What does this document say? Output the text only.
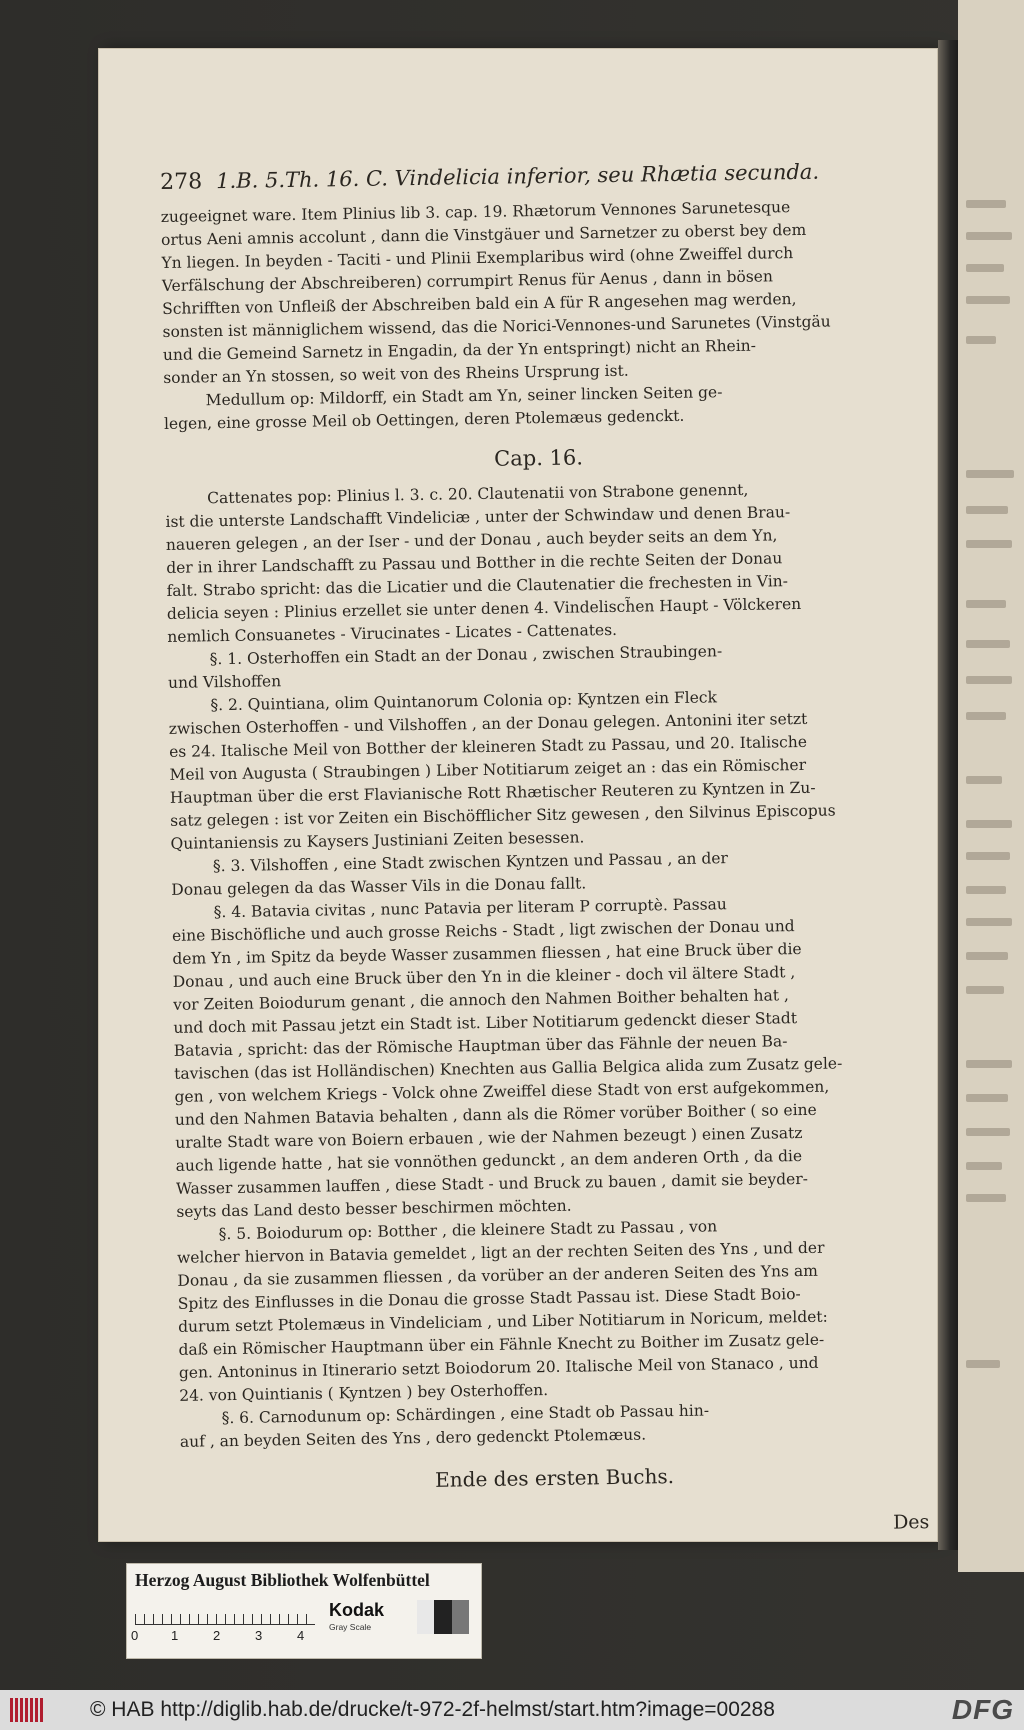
278 1.B. 5.Th. 16. C. Vindelicia inferior, seu Rhætia secunda.
zugeeignet ware. Item Plinius lib 3. cap. 19. Rhætorum Vennones Sarunetesque
ortus Aeni amnis accolunt , dann die Vinstgäuer und Sarnetzer zu oberst bey dem
Yn liegen. In beyden - Taciti - und Plinii Exemplaribus wird (ohne Zweiffel durch
Verfälschung der Abschreiberen) corrumpirt Renus für Aenus , dann in bösen
Schrifften von Unfleiß der Abschreiben bald ein A für R angesehen mag werden,
sonsten ist männiglichem wissend, das die Norici-Vennones-und Sarunetes (Vinstgäu
und die Gemeind Sarnetz in Engadin, da der Yn entspringt) nicht an Rhein-
sonder an Yn stossen, so weit von des Rheins Ursprung ist.
Medullum op: Mildorff, ein Stadt am Yn, seiner lincken Seiten ge-
legen, eine grosse Meil ob Oettingen, deren Ptolemæus gedenckt.
Cap. 16.
Cattenates pop: Plinius l. 3. c. 20. Clautenatii von Strabone genennt,
ist die unterste Landschafft Vindeliciæ , unter der Schwindaw und denen Brau-
naueren gelegen , an der Iser - und der Donau , auch beyder seits an dem Yn,
der in ihrer Landschafft zu Passau und Botther in die rechte Seiten der Donau
falt. Strabo spricht: das die Licatier und die Clautenatier die frechesten in Vin-
delicia seyen : Plinius erzellet sie unter denen 4. Vindelisch̃en Haupt - Völckeren
nemlich Consuanetes - Virucinates - Licates - Cattenates.
§. 1. Osterhoffen ein Stadt an der Donau , zwischen Straubingen-
und Vilshoffen
§. 2. Quintiana, olim Quintanorum Colonia op: Kyntzen ein Fleck
zwischen Osterhoffen - und Vilshoffen , an der Donau gelegen. Antonini iter setzt
es 24. Italische Meil von Botther der kleineren Stadt zu Passau, und 20. Italische
Meil von Augusta ( Straubingen ) Liber Notitiarum zeiget an : das ein Römischer
Hauptman über die erst Flavianische Rott Rhætischer Reuteren zu Kyntzen in Zu-
satz gelegen : ist vor Zeiten ein Bischöfflicher Sitz gewesen , den Silvinus Episcopus
Quintaniensis zu Kaysers Justiniani Zeiten besessen.
§. 3. Vilshoffen , eine Stadt zwischen Kyntzen und Passau , an der
Donau gelegen da das Wasser Vils in die Donau fallt.
§. 4. Batavia civitas , nunc Patavia per literam P corruptè. Passau
eine Bischöfliche und auch grosse Reichs - Stadt , ligt zwischen der Donau und
dem Yn , im Spitz da beyde Wasser zusammen fliessen , hat eine Bruck über die
Donau , und auch eine Bruck über den Yn in die kleiner - doch vil ältere Stadt ,
vor Zeiten Boiodurum genant , die annoch den Nahmen Boither behalten hat ,
und doch mit Passau jetzt ein Stadt ist. Liber Notitiarum gedenckt dieser Stadt
Batavia , spricht: das der Römische Hauptman über das Fähnle der neuen Ba-
tavischen (das ist Holländischen) Knechten aus Gallia Belgica alida zum Zusatz gele-
gen , von welchem Kriegs - Volck ohne Zweiffel diese Stadt von erst aufgekommen,
und den Nahmen Batavia behalten , dann als die Römer vorüber Boither ( so eine
uralte Stadt ware von Boiern erbauen , wie der Nahmen bezeugt ) einen Zusatz
auch ligende hatte , hat sie vonnöthen gedunckt , an dem anderen Orth , da die
Wasser zusammen lauffen , diese Stadt - und Bruck zu bauen , damit sie beyder-
seyts das Land desto besser beschirmen möchten.
§. 5. Boiodurum op: Botther , die kleinere Stadt zu Passau , von
welcher hiervon in Batavia gemeldet , ligt an der rechten Seiten des Yns , und der
Donau , da sie zusammen fliessen , da vorüber an der anderen Seiten des Yns am
Spitz des Einflusses in die Donau die grosse Stadt Passau ist. Diese Stadt Boio-
durum setzt Ptolemæus in Vindeliciam , und Liber Notitiarum in Noricum, meldet:
daß ein Römischer Hauptmann über ein Fähnle Knecht zu Boither im Zusatz gele-
gen. Antoninus in Itinerario setzt Boiodorum 20. Italische Meil von Stanaco , und
24. von Quintianis ( Kyntzen ) bey Osterhoffen.
§. 6. Carnodunum op: Schärdingen , eine Stadt ob Passau hin-
auf , an beyden Seiten des Yns , dero gedenckt Ptolemæus.
Ende des ersten Buchs.
Des
Herzog August Bibliothek Wolfenbüttel
0	1	2	3	4
Kodak
Gray Scale
© HAB http://diglib.hab.de/drucke/t-972-2f-helmst/start.htm?image=00288	DFG
